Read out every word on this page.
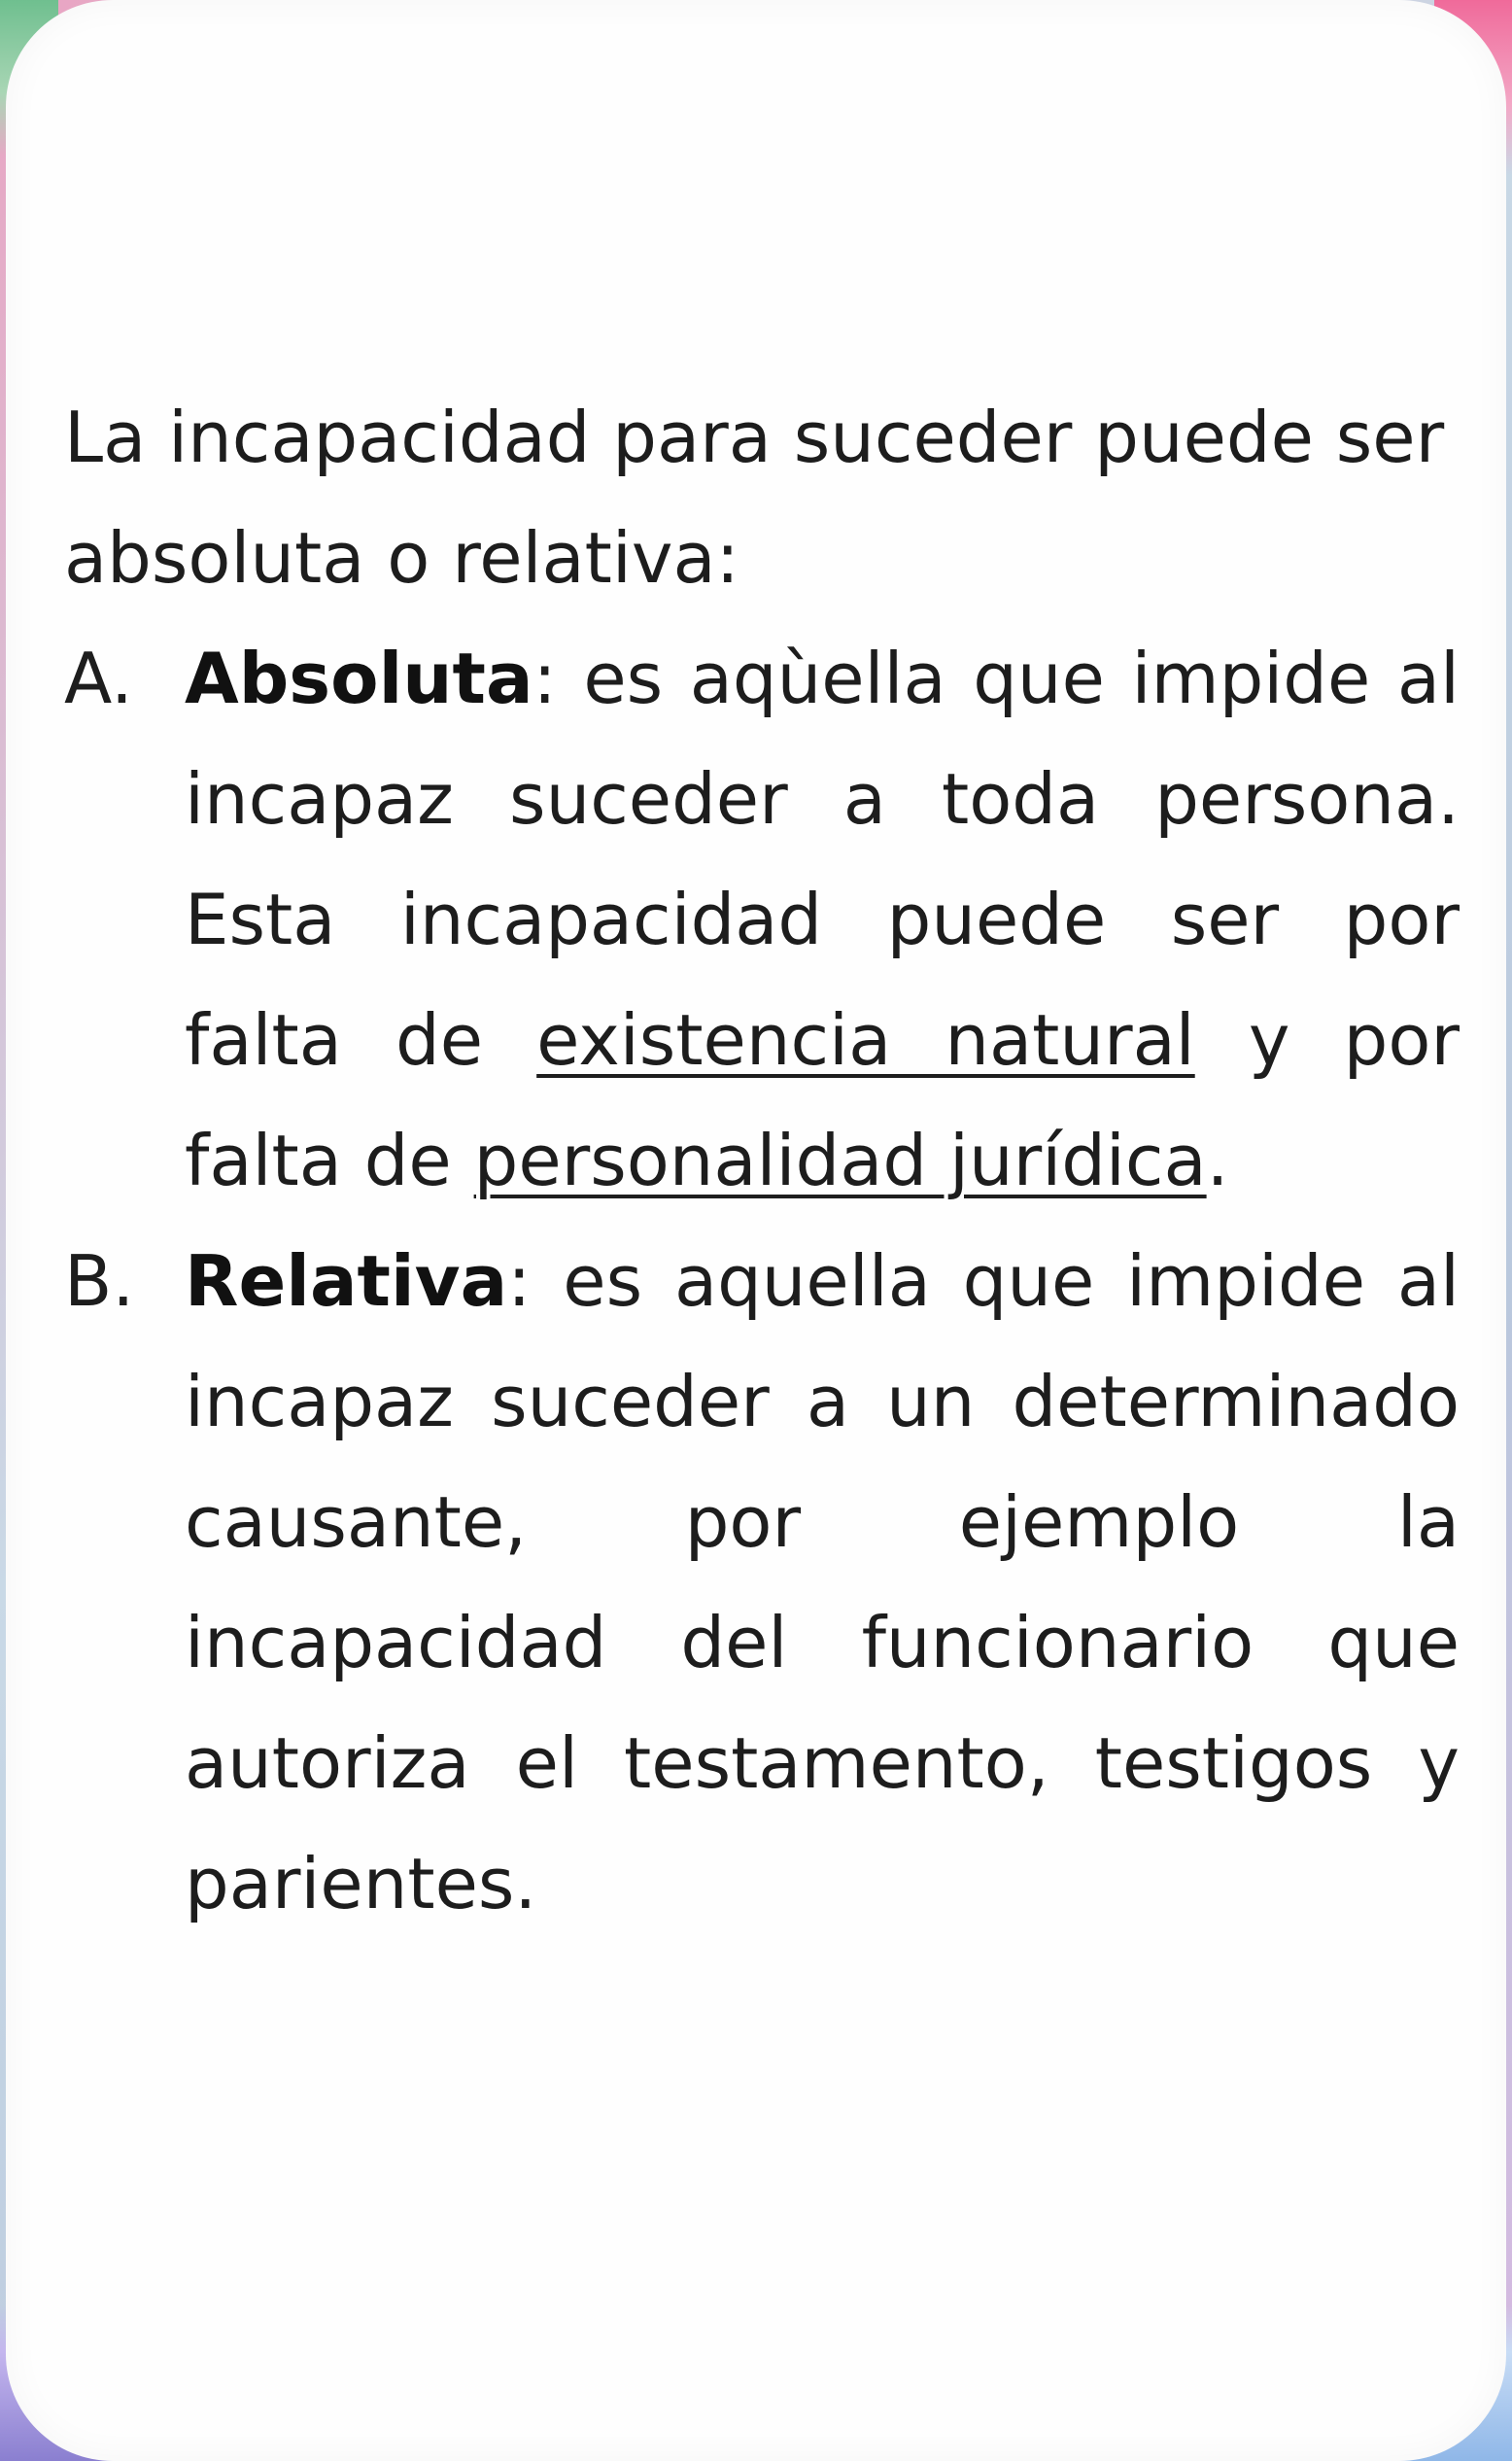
La incapacidad para suceder puede ser absoluta o relativa:

A. Absoluta: es aqùella que impide al incapaz suceder a toda persona. Esta incapacidad puede ser por falta de existencia natural y por falta de personalidad jurídica.

B. Relativa: es aquella que impide al incapaz suceder a un determinado causante, por ejemplo la incapacidad del funcionario que autoriza el testamento, testigos y parientes.
